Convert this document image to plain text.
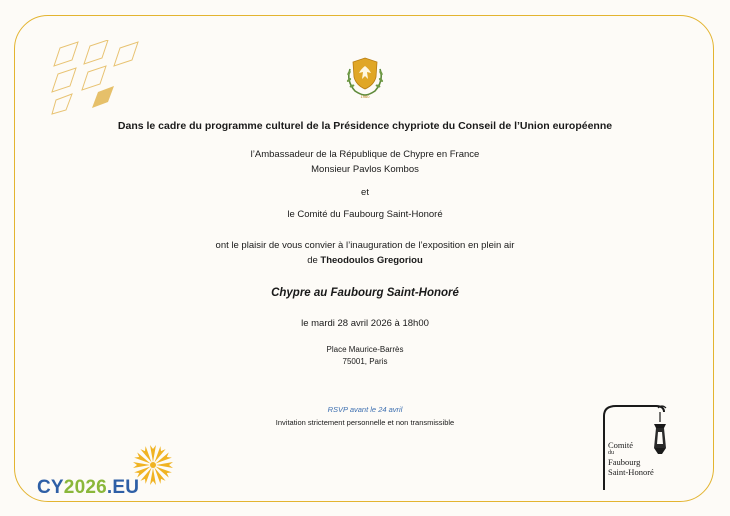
1960
Dans le cadre du programme culturel de la Présidence chypriote du Conseil de l’Union européenne
l’Ambassadeur de la République de Chypre en France
Monsieur Pavlos Kombos
et
le Comité du Faubourg Saint-Honoré
ont le plaisir de vous convier à l’inauguration de l’exposition en plein air
de Theodoulos Gregoriou
Chypre au Faubourg Saint-Honoré
le mardi 28 avril 2026 à 18h00
Place Maurice-Barrès
75001, Paris
RSVP avant le 24 avril
Invitation strictement personnelle et non transmissible
CY2026.EU
Comité
du
Faubourg
Saint-Honoré
